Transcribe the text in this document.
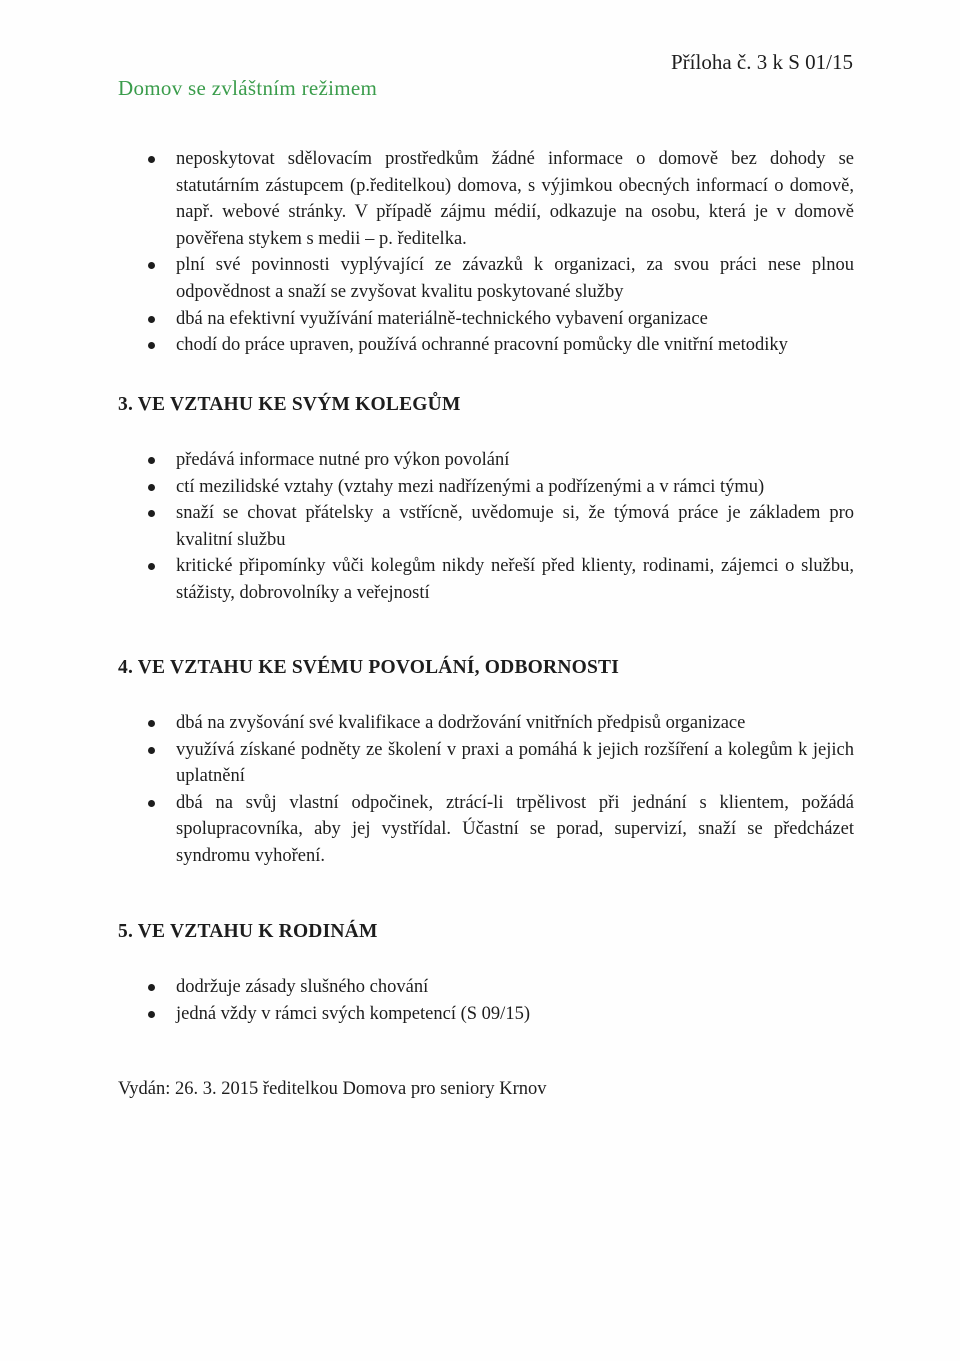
Domov se zvláštním režimem
Příloha č. 3 k S 01/15
neposkytovat sdělovacím prostředkům žádné informace o domově bez dohody se statutárním zástupcem (p.ředitelkou) domova, s výjimkou obecných informací o domově, např. webové stránky. V případě zájmu médií, odkazuje na osobu, která je v domově pověřena stykem s medii – p. ředitelka.
plní své povinnosti vyplývající ze závazků k organizaci, za svou práci nese plnou odpovědnost a snaží se zvyšovat kvalitu poskytované služby
dbá na efektivní využívání materiálně-technického vybavení organizace
chodí do práce upraven, používá ochranné pracovní pomůcky dle vnitřní metodiky
3. VE VZTAHU KE SVÝM KOLEGŮM
předává informace nutné pro výkon povolání
ctí mezilidské vztahy (vztahy mezi nadřízenými a podřízenými a v rámci týmu)
snaží se chovat přátelsky a vstřícně, uvědomuje si, že týmová práce je základem pro kvalitní službu
kritické připomínky vůči kolegům nikdy neřeší před klienty, rodinami, zájemci o službu, stážisty, dobrovolníky a veřejností
4. VE VZTAHU KE SVÉMU POVOLÁNÍ, ODBORNOSTI
dbá na zvyšování své kvalifikace a dodržování vnitřních předpisů organizace
využívá získané podněty ze školení v praxi a pomáhá k jejich rozšíření a kolegům k jejich uplatnění
dbá na svůj vlastní odpočinek, ztrácí-li trpělivost při jednání s klientem, požádá spolupracovníka, aby jej vystřídal. Účastní se porad, supervizí, snaží se předcházet syndromu vyhoření.
5. VE VZTAHU K RODINÁM
dodržuje zásady slušného chování
jedná vždy v rámci svých kompetencí (S 09/15)
Vydán: 26. 3. 2015 ředitelkou Domova pro seniory Krnov
